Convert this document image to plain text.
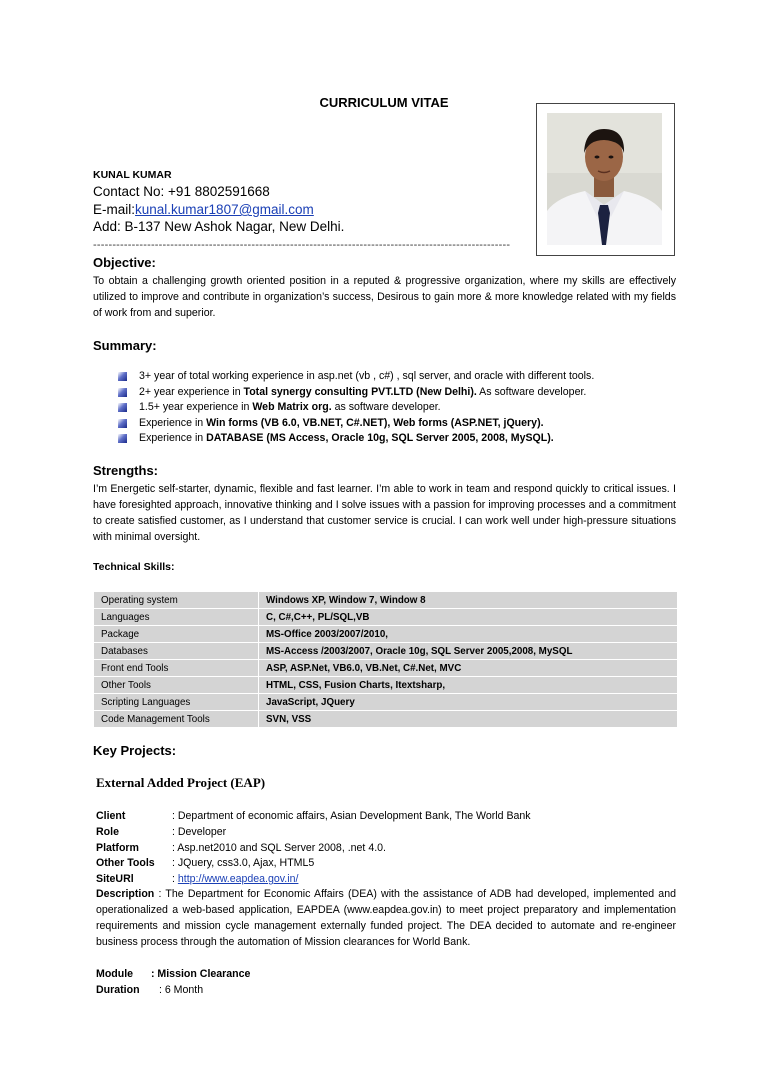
CURRICULUM VITAE
KUNAL KUMAR
Contact No: +91 8802591668
E-mail:kunal.kumar1807@gmail.com
Add: B-137 New Ashok Nagar, New Delhi.
------------------------------------------------------------------------------------------------------------
Objective:
To obtain a challenging growth oriented position in a reputed & progressive organization, where my skills are effectively utilized to improve and contribute in organization’s success, Desirous to gain more & more knowledge related with my fields of work from and superior.
Summary:
3+ year of total working experience in asp.net (vb , c#) , sql server, and oracle with different tools.
2+ year experience in Total synergy consulting PVT.LTD (New Delhi). As software developer.
1.5+ year experience in Web Matrix org. as software developer.
Experience in Win forms (VB 6.0, VB.NET, C#.NET), Web forms (ASP.NET, jQuery).
Experience in DATABASE (MS Access, Oracle 10g, SQL Server 2005, 2008, MySQL).
Strengths:
I’m Energetic self-starter, dynamic, flexible and fast learner. I’m able to work in team and respond quickly to critical issues. I have foresighted approach, innovative thinking and I solve issues with a passion for improving processes and a commitment to create satisfied customer, as I understand that customer service is crucial. I can work well under high-pressure situations with minimal oversight.
Technical Skills:
Operating system	Windows XP, Window 7, Window 8
Languages	C, C#,C++, PL/SQL,VB
Package	MS-Office 2003/2007/2010,
Databases	MS-Access /2003/2007, Oracle 10g, SQL Server 2005,2008, MySQL
Front end Tools	ASP, ASP.Net, VB6.0, VB.Net, C#.Net, MVC
Other Tools	HTML, CSS, Fusion Charts, Itextsharp,
Scripting Languages	JavaScript, JQuery
Code Management Tools	SVN, VSS
Key Projects:
External Added Project (EAP)
Client	: Department of economic affairs, Asian Development Bank, The World Bank
Role	: Developer
Platform	: Asp.net2010 and SQL Server 2008, .net 4.0.
Other Tools : JQuery, css3.0, Ajax, HTML5
SiteURl	: http://www.eapdea.gov.in/
Description : The Department for Economic Affairs (DEA) with the assistance of ADB had developed, implemented and operationalized a web-based application, EAPDEA (www.eapdea.gov.in) to meet project preparatory and implementation requirements and mission cycle management externally funded project. The DEA decided to automate and re-engineer business process through the automation of Mission clearances for World Bank.
Module : Mission Clearance
Duration : 6 Month
